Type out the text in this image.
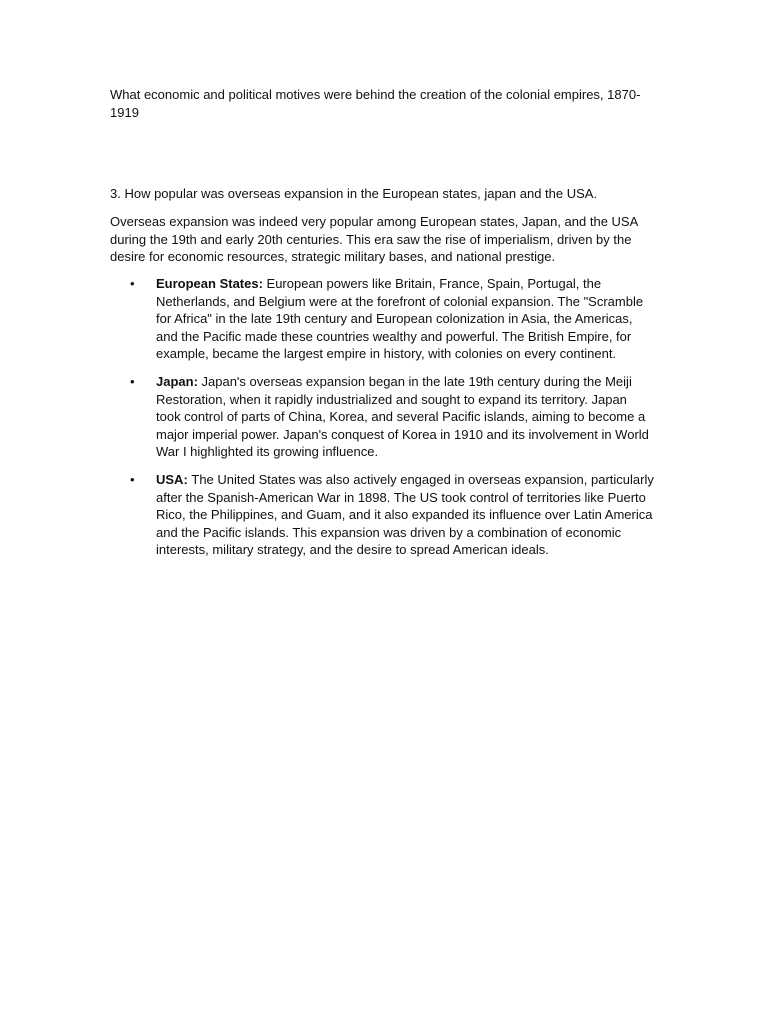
What economic and political motives were behind the creation of the colonial empires, 1870-1919

3. How popular was overseas expansion in the European states, japan and the USA.

Overseas expansion was indeed very popular among European states, Japan, and the USA during the 19th and early 20th centuries. This era saw the rise of imperialism, driven by the desire for economic resources, strategic military bases, and national prestige.

• European States: European powers like Britain, France, Spain, Portugal, the Netherlands, and Belgium were at the forefront of colonial expansion. The "Scramble for Africa" in the late 19th century and European colonization in Asia, the Americas, and the Pacific made these countries wealthy and powerful. The British Empire, for example, became the largest empire in history, with colonies on every continent.
• Japan: Japan's overseas expansion began in the late 19th century during the Meiji Restoration, when it rapidly industrialized and sought to expand its territory. Japan took control of parts of China, Korea, and several Pacific islands, aiming to become a major imperial power. Japan's conquest of Korea in 1910 and its involvement in World War I highlighted its growing influence.
• USA: The United States was also actively engaged in overseas expansion, particularly after the Spanish-American War in 1898. The US took control of territories like Puerto Rico, the Philippines, and Guam, and it also expanded its influence over Latin America and the Pacific islands. This expansion was driven by a combination of economic interests, military strategy, and the desire to spread American ideals.
